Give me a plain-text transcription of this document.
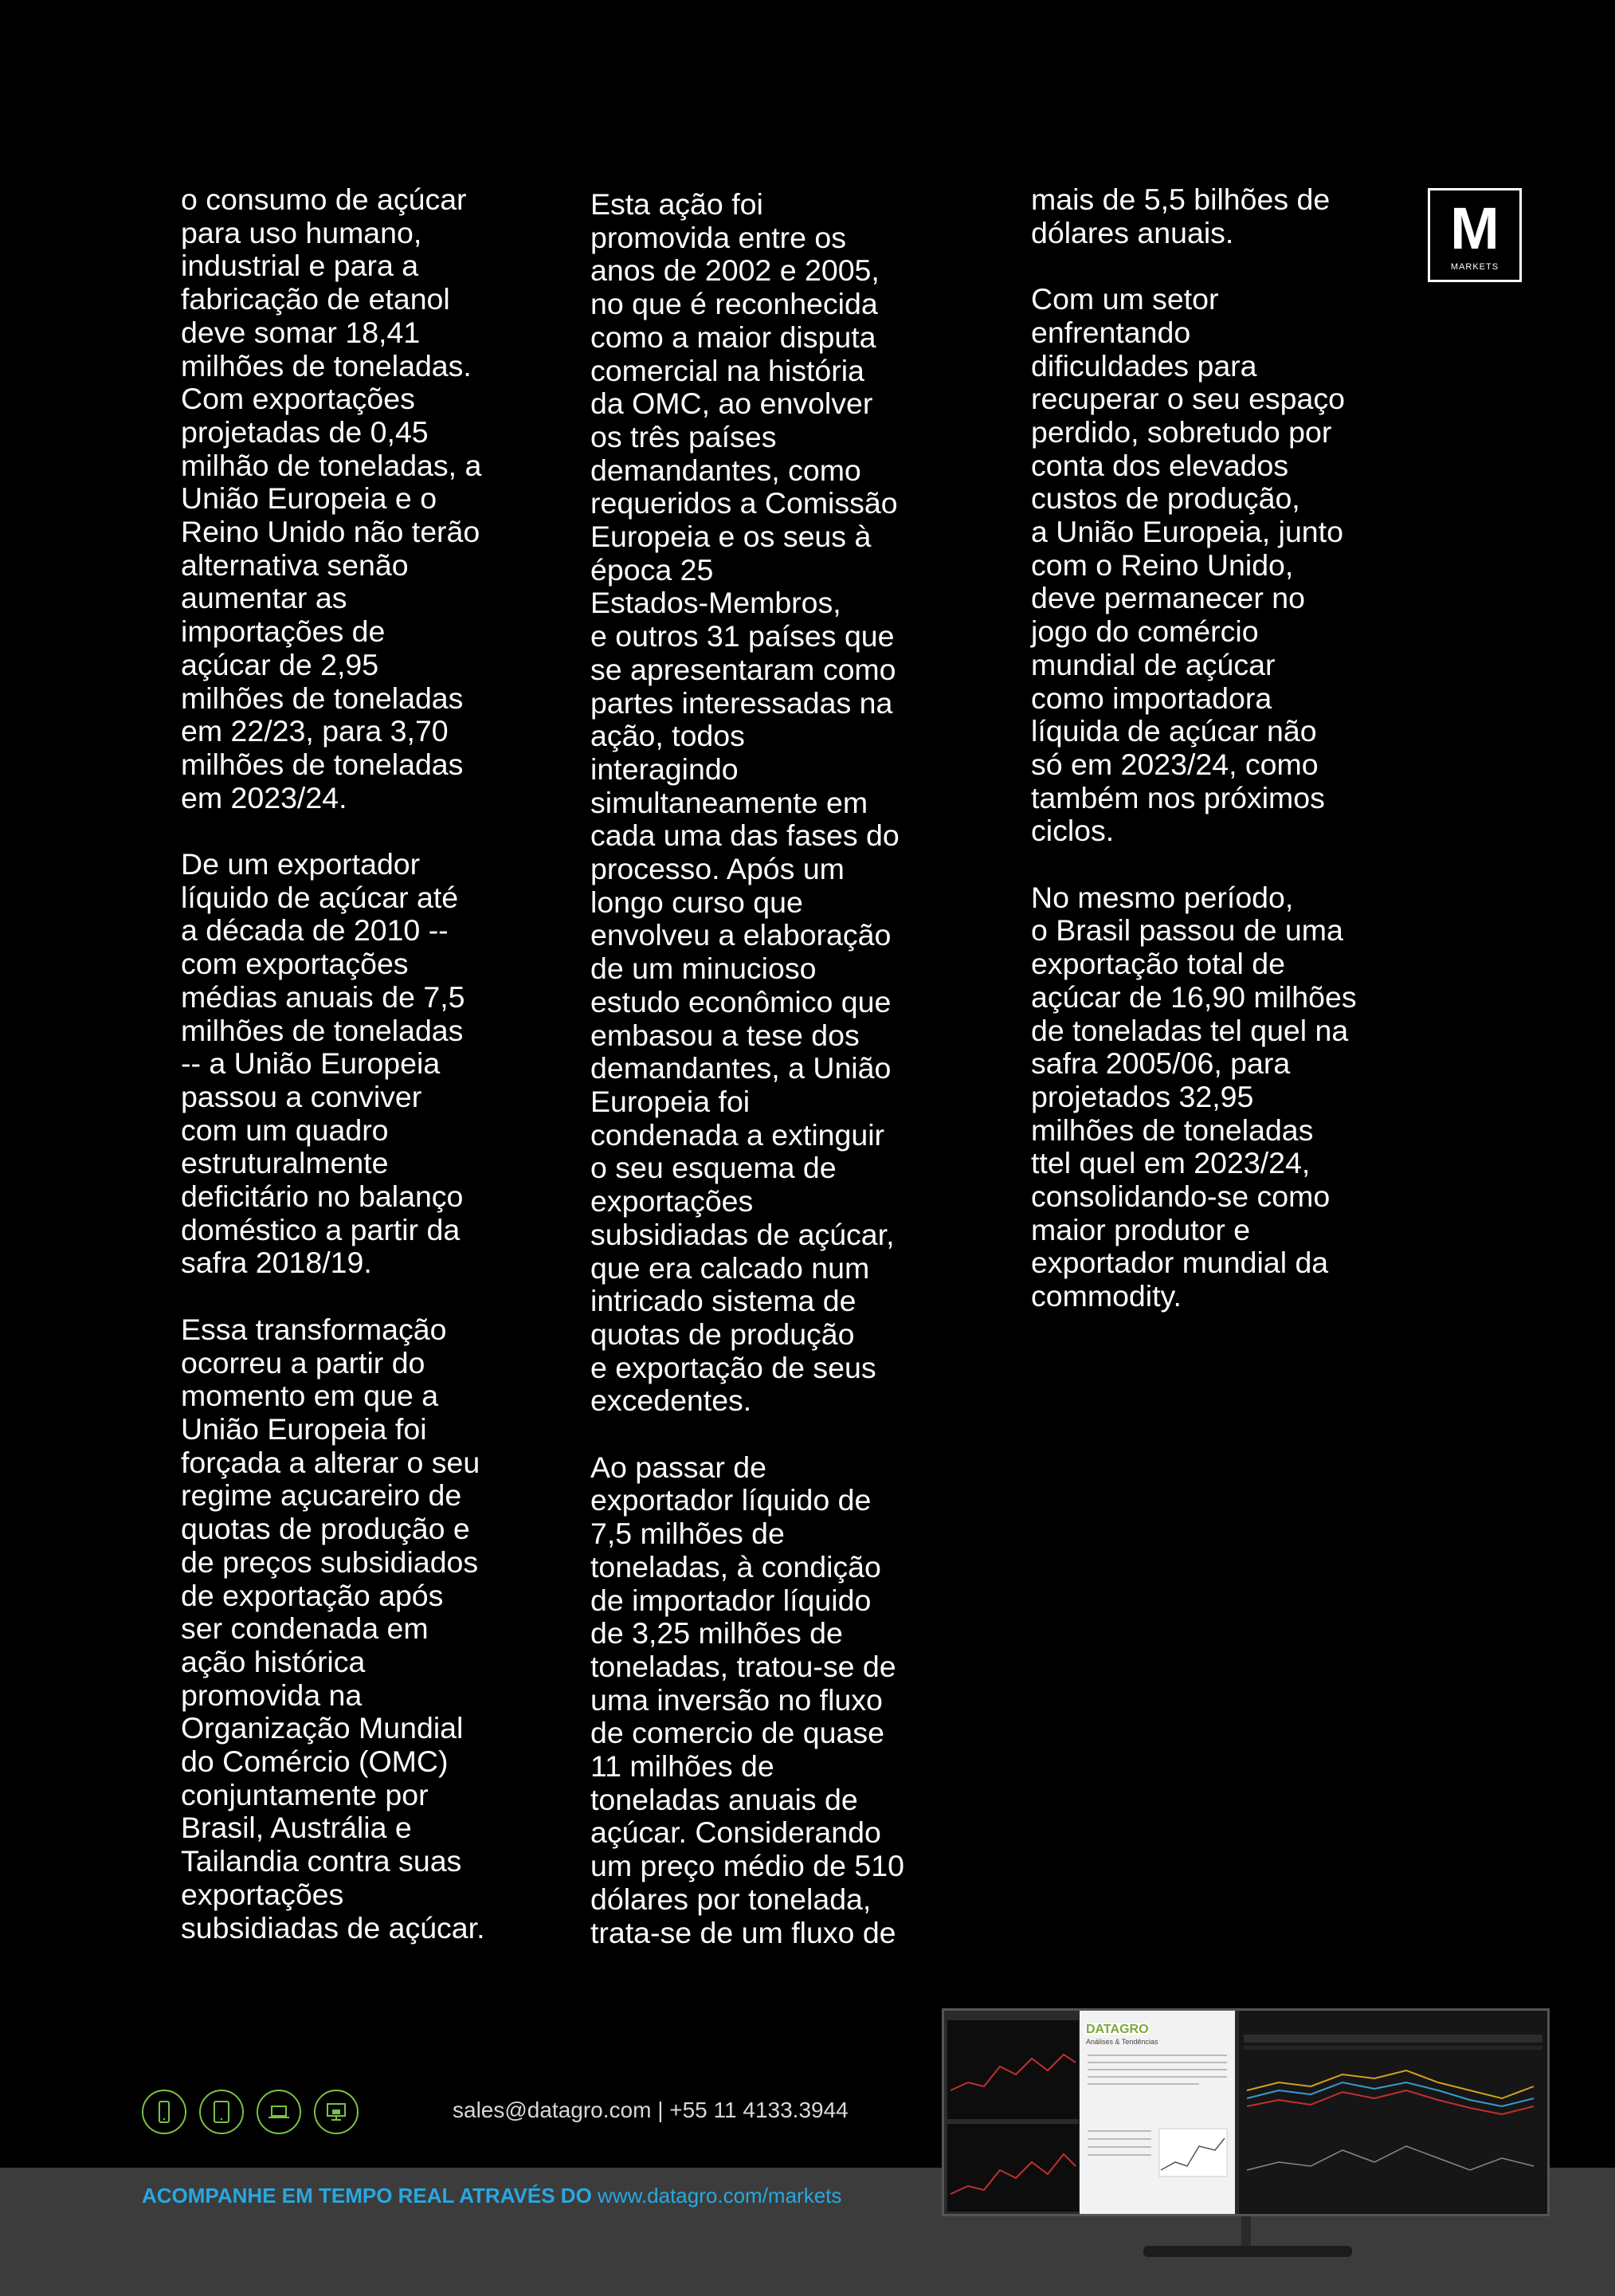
o consumo de açúcar
para uso humano,
industrial e para a
fabricação de etanol
deve somar 18,41
milhões de toneladas.
Com exportações
projetadas de 0,45
milhão de toneladas, a
União Europeia e o
Reino Unido não terão
alternativa senão
aumentar as
importações de
açúcar de 2,95
milhões de toneladas
em 22/23, para 3,70
milhões de toneladas
em 2023/24.

De um exportador
líquido de açúcar até
a década de 2010 --
com exportações
médias anuais de 7,5
milhões de toneladas
-- a União Europeia
passou a conviver
com um quadro
estruturalmente
deficitário no balanço
doméstico a partir da
safra 2018/19.

Essa transformação
ocorreu a partir do
momento em que a
União Europeia foi
forçada a alterar o seu
regime açucareiro de
quotas de produção e
de preços subsidiados
de exportação após
ser condenada em
ação histórica
promovida na
Organização Mundial
do Comércio (OMC)
conjuntamente por
Brasil, Austrália e
Tailandia contra suas
exportações
subsidiadas de açúcar.

Esta ação foi
promovida entre os
anos de 2002 e 2005,
no que é reconhecida
como a maior disputa
comercial na história
da OMC, ao envolver
os três países
demandantes, como
requeridos a Comissão
Europeia e os seus à
época 25
Estados-Membros,
e outros 31 países que
se apresentaram como
partes interessadas na
ação, todos
interagindo
simultaneamente em
cada uma das fases do
processo. Após um
longo curso que
envolveu a elaboração
de um minucioso
estudo econômico que
embasou a tese dos
demandantes, a União
Europeia foi
condenada a extinguir
o seu esquema de
exportações
subsidiadas de açúcar,
que era calcado num
intricado sistema de
quotas de produção
e exportação de seus
excedentes.

Ao passar de
exportador líquido de
7,5 milhões de
toneladas, à condição
de importador líquido
de 3,25 milhões de
toneladas, tratou-se de
uma inversão no fluxo
de comercio de quase
11 milhões de
toneladas anuais de
açúcar. Considerando
um preço médio de 510
dólares por tonelada,
trata-se de um fluxo de

mais de 5,5 bilhões de
dólares anuais.

Com um setor
enfrentando
dificuldades para
recuperar o seu espaço
perdido, sobretudo por
conta dos elevados
custos de produção,
a União Europeia, junto
com o Reino Unido,
deve permanecer no
jogo do comércio
mundial de açúcar
como importadora
líquida de açúcar não
só em 2023/24, como
também nos próximos
ciclos.

No mesmo período,
o Brasil passou de uma
exportação total de
açúcar de 16,90 milhões
de toneladas tel quel na
safra 2005/06, para
projetados 32,95
milhões de toneladas
ttel quel em 2023/24,
consolidando-se como
maior produtor e
exportador mundial da
commodity.

M
MARKETS
sales@datagro.com | +55 11 4133.3944
ACOMPANHE EM TEMPO REAL ATRAVÉS DO www.datagro.com/markets
DATAGRO
Análises & Tendências
